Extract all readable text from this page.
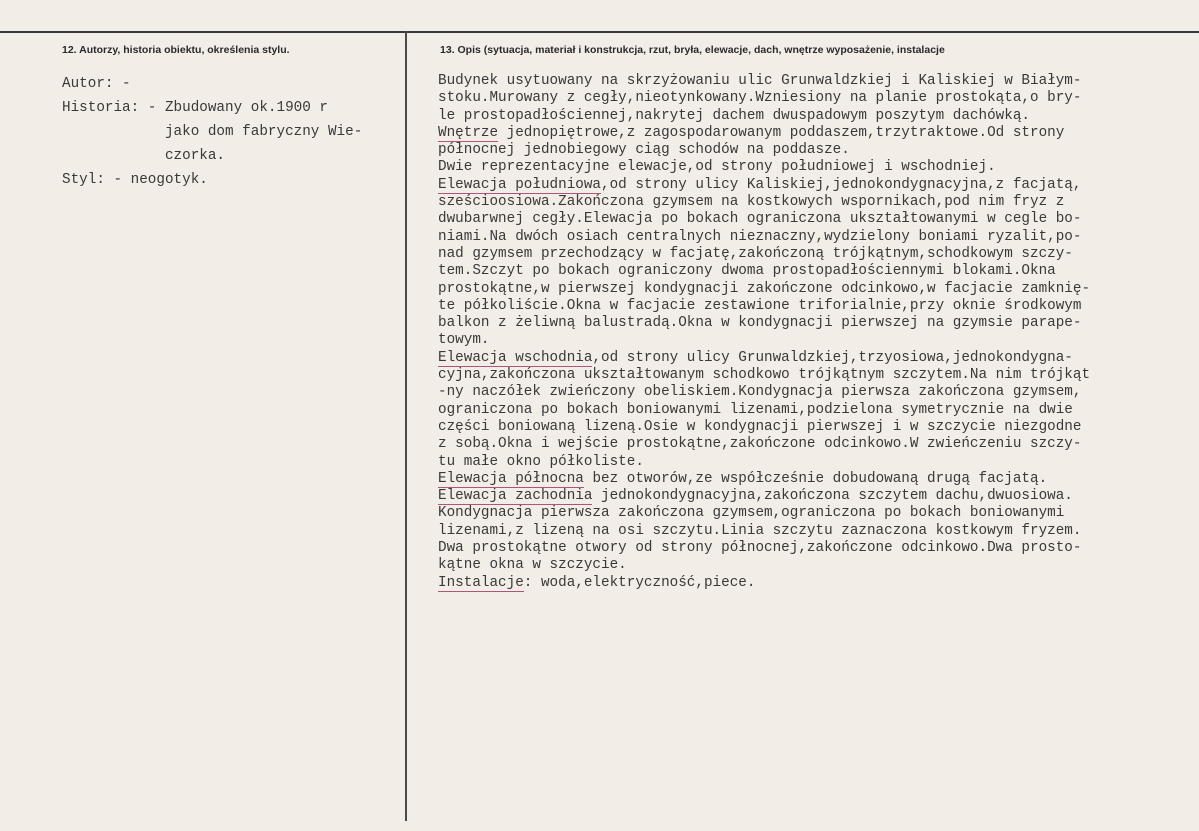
12. Autorzy, historia obiektu, określenia stylu.	13. Opis (sytuacja, materiał i konstrukcja, rzut, bryła, elewacje, dach, wnętrze wyposażenie, instalacje
Autor: -
Historia: - Zbudowany ok.1900 r
jako dom fabryczny Wie-
czorka.
Styl: - neogotyk.
Budynek usytuowany na skrzyżowaniu ulic Grunwaldzkiej i Kaliskiej w Białym-
stoku.Murowany z cegły,nieotynkowany.Wzniesiony na planie prostokąta,o bry-
le prostopadłościennej,nakrytej dachem dwuspadowym poszytym dachówką.
Wnętrze jednopiętrowe,z zagospodarowanym poddaszem,trzytraktowe.Od strony
północnej jednobiegowy ciąg schodów na poddasze.
Dwie reprezentacyjne elewacje,od strony południowej i wschodniej.
Elewacja południowa,od strony ulicy Kaliskiej,jednokondygnacyjna,z facjatą,
sześcioosiowa.Zakończona gzymsem na kostkowych wspornikach,pod nim fryz z
dwubarwnej cegły.Elewacja po bokach ograniczona ukształtowanymi w cegle bo-
niami.Na dwóch osiach centralnych nieznaczny,wydzielony boniami ryzalit,po-
nad gzymsem przechodzący w facjatę,zakończoną trójkątnym,schodkowym szczy-
tem.Szczyt po bokach ograniczony dwoma prostopadłościennymi blokami.Okna
prostokątne,w pierwszej kondygnacji zakończone odcinkowo,w facjacie zamknię-
te półkoliście.Okna w facjacie zestawione triforialnie,przy oknie środkowym
balkon z żeliwną balustradą.Okna w kondygnacji pierwszej na gzymsie parape-
towym.
Elewacja wschodnia,od strony ulicy Grunwaldzkiej,trzyosiowa,jednokondygna-
cyjna,zakończona ukształtowanym schodkowo trójkątnym szczytem.Na nim trójkąt
-ny naczółek zwieńczony obeliskiem.Kondygnacja pierwsza zakończona gzymsem,
ograniczona po bokach boniowanymi lizenami,podzielona symetrycznie na dwie
części boniowaną lizeną.Osie w kondygnacji pierwszej i w szczycie niezgodne
z sobą.Okna i wejście prostokątne,zakończone odcinkowo.W zwieńczeniu szczy-
tu małe okno półkoliste.
Elewacja północna bez otworów,ze współcześnie dobudowaną drugą facjatą.
Elewacja zachodnia jednokondygnacyjna,zakończona szczytem dachu,dwuosiowa.
Kondygnacja pierwsza zakończona gzymsem,ograniczona po bokach boniowanymi
lizenami,z lizeną na osi szczytu.Linia szczytu zaznaczona kostkowym fryzem.
Dwa prostokątne otwory od strony północnej,zakończone odcinkowo.Dwa prosto-
kątne okna w szczycie.
Instalacje: woda,elektryczność,piece.
